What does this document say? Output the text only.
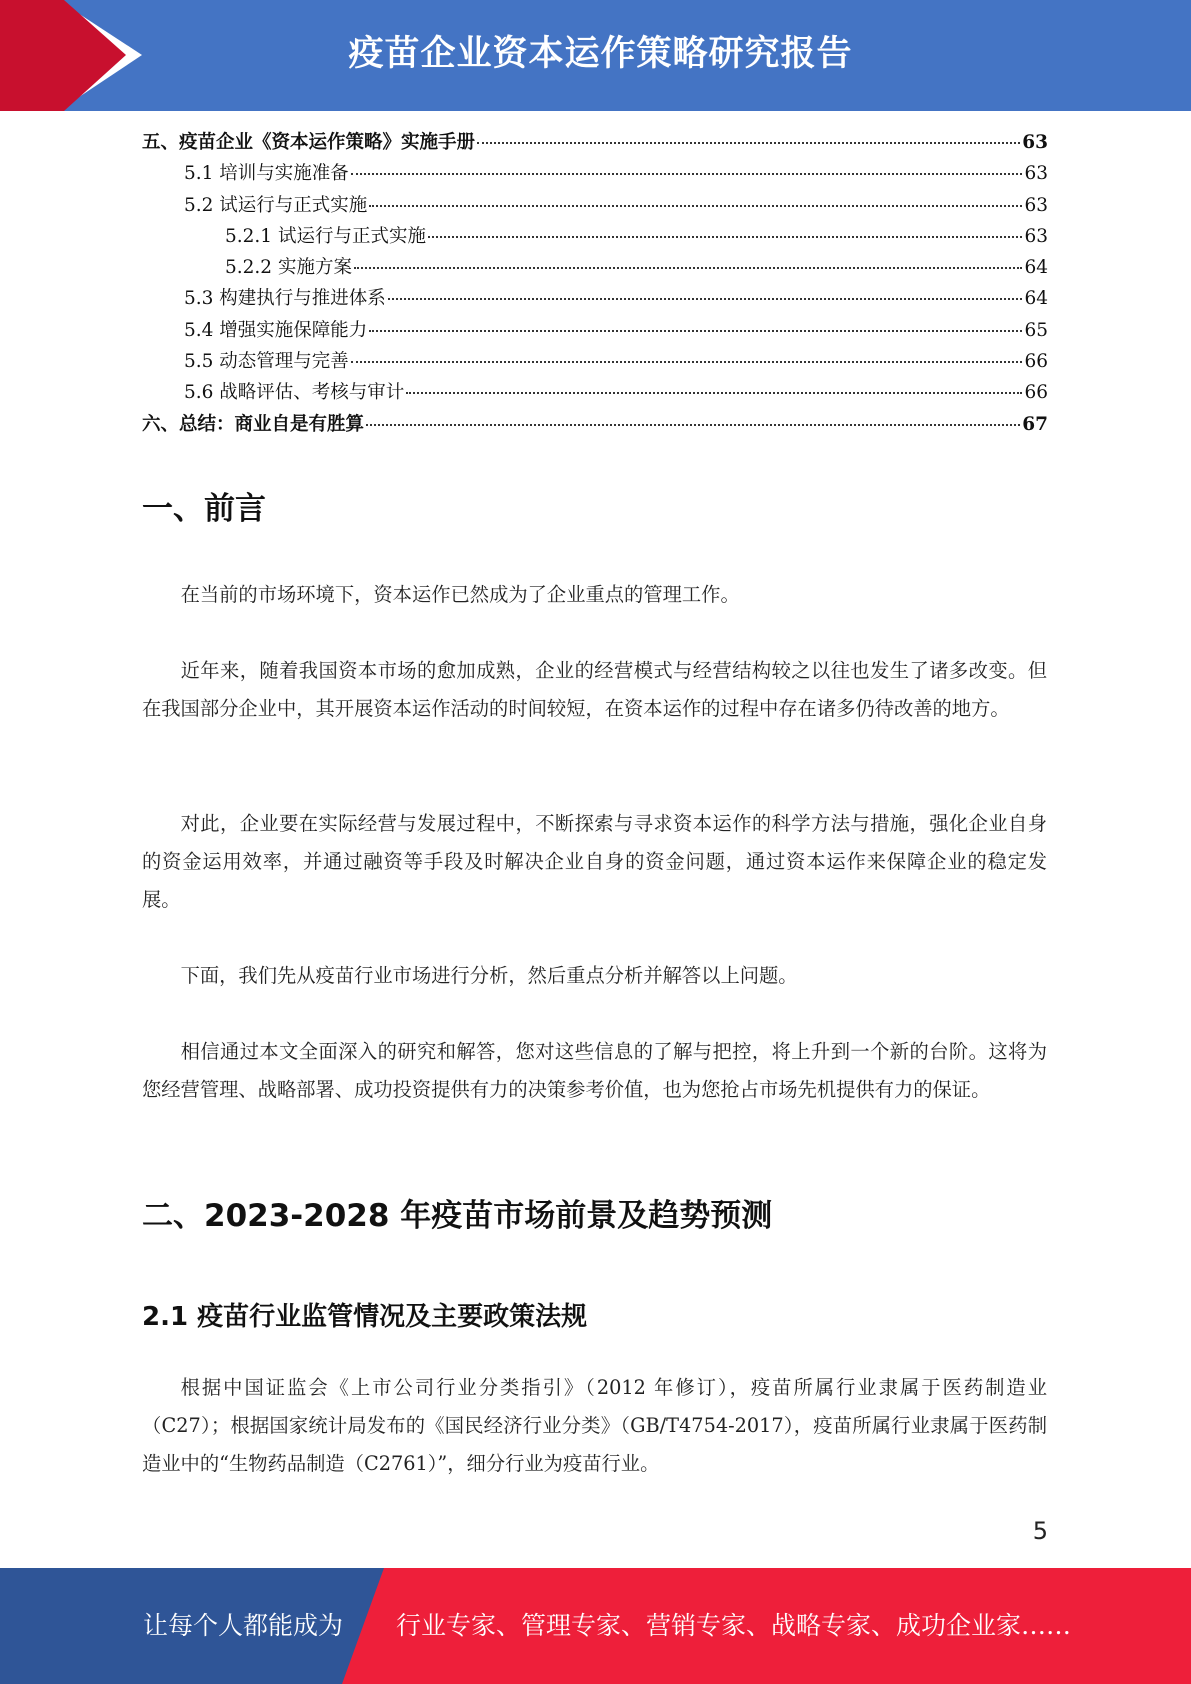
疫苗企业资本运作策略研究报告
五、疫苗企业《资本运作策略》实施手册	63
5.1 培训与实施准备	63
5.2 试运行与正式实施	63
5.2.1 试运行与正式实施	63
5.2.2 实施方案	64
5.3 构建执行与推进体系	64
5.4 增强实施保障能力	65
5.5 动态管理与完善	66
5.6 战略评估、考核与审计	66
六、总结：商业自是有胜算	67
一、前言

在当前的市场环境下，资本运作已然成为了企业重点的管理工作。

近年来，随着我国资本市场的愈加成熟，企业的经营模式与经营结构较之以往也发生了诸多改变。但在我国部分企业中，其开展资本运作活动的时间较短，在资本运作的过程中存在诸多仍待改善的地方。

对此，企业要在实际经营与发展过程中，不断探索与寻求资本运作的科学方法与措施，强化企业自身的资金运用效率，并通过融资等手段及时解决企业自身的资金问题，通过资本运作来保障企业的稳定发展。

下面，我们先从疫苗行业市场进行分析，然后重点分析并解答以上问题。

相信通过本文全面深入的研究和解答，您对这些信息的了解与把控，将上升到一个新的台阶。这将为您经营管理、战略部署、成功投资提供有力的决策参考价值，也为您抢占市场先机提供有力的保证。

二、2023-2028 年疫苗市场前景及趋势预测
2.1 疫苗行业监管情况及主要政策法规

根据中国证监会《上市公司行业分类指引》（2012 年修订），疫苗所属行业隶属于医药制造业（C27）；根据国家统计局发布的《国民经济行业分类》（GB/T4754-2017），疫苗所属行业隶属于医药制造业中的“生物药品制造（C2761）”，细分行业为疫苗行业。

5
让每个人都能成为 行业专家、管理专家、营销专家、战略专家、成功企业家……
